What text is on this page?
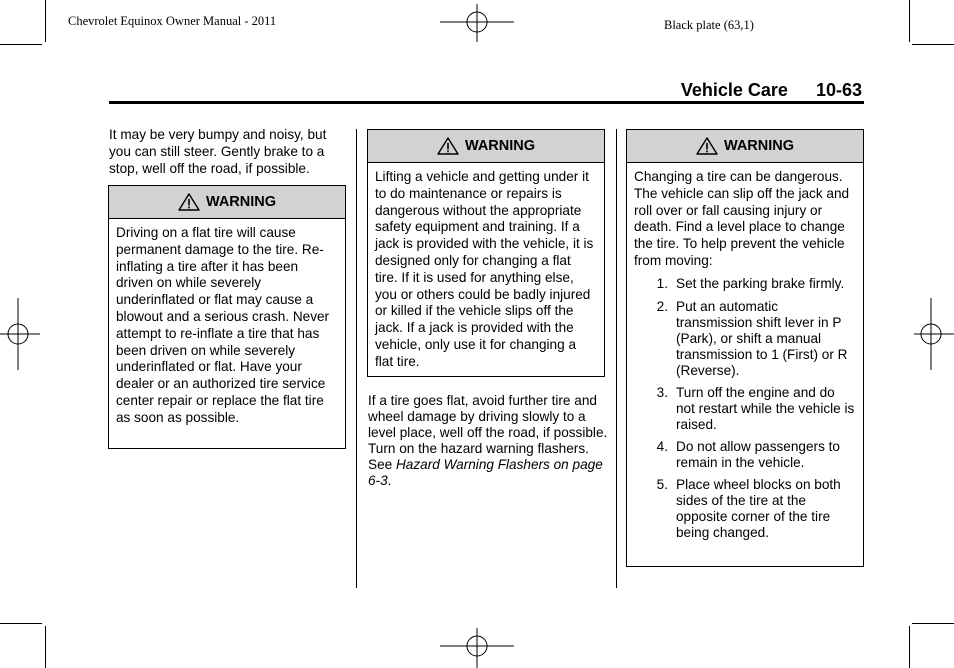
Chevrolet Equinox Owner Manual - 2011	Black plate (63,1)
Vehicle Care 10-63
It may be very bumpy and noisy, but you can still steer. Gently brake to a stop, well off the road, if possible.
WARNING
Driving on a flat tire will cause permanent damage to the tire. Re-inflating a tire after it has been driven on while severely underinflated or flat may cause a blowout and a serious crash. Never attempt to re-inflate a tire that has been driven on while severely underinflated or flat. Have your dealer or an authorized tire service center repair or replace the flat tire as soon as possible.
WARNING
Lifting a vehicle and getting under it to do maintenance or repairs is dangerous without the appropriate safety equipment and training. If a jack is provided with the vehicle, it is designed only for changing a flat tire. If it is used for anything else, you or others could be badly injured or killed if the vehicle slips off the jack. If a jack is provided with the vehicle, only use it for changing a flat tire.
If a tire goes flat, avoid further tire and wheel damage by driving slowly to a level place, well off the road, if possible. Turn on the hazard warning flashers. See Hazard Warning Flashers on page 6-3.
WARNING
Changing a tire can be dangerous. The vehicle can slip off the jack and roll over or fall causing injury or death. Find a level place to change the tire. To help prevent the vehicle from moving:
1. Set the parking brake firmly.
2. Put an automatic transmission shift lever in P (Park), or shift a manual transmission to 1 (First) or R (Reverse).
3. Turn off the engine and do not restart while the vehicle is raised.
4. Do not allow passengers to remain in the vehicle.
5. Place wheel blocks on both sides of the tire at the opposite corner of the tire being changed.
